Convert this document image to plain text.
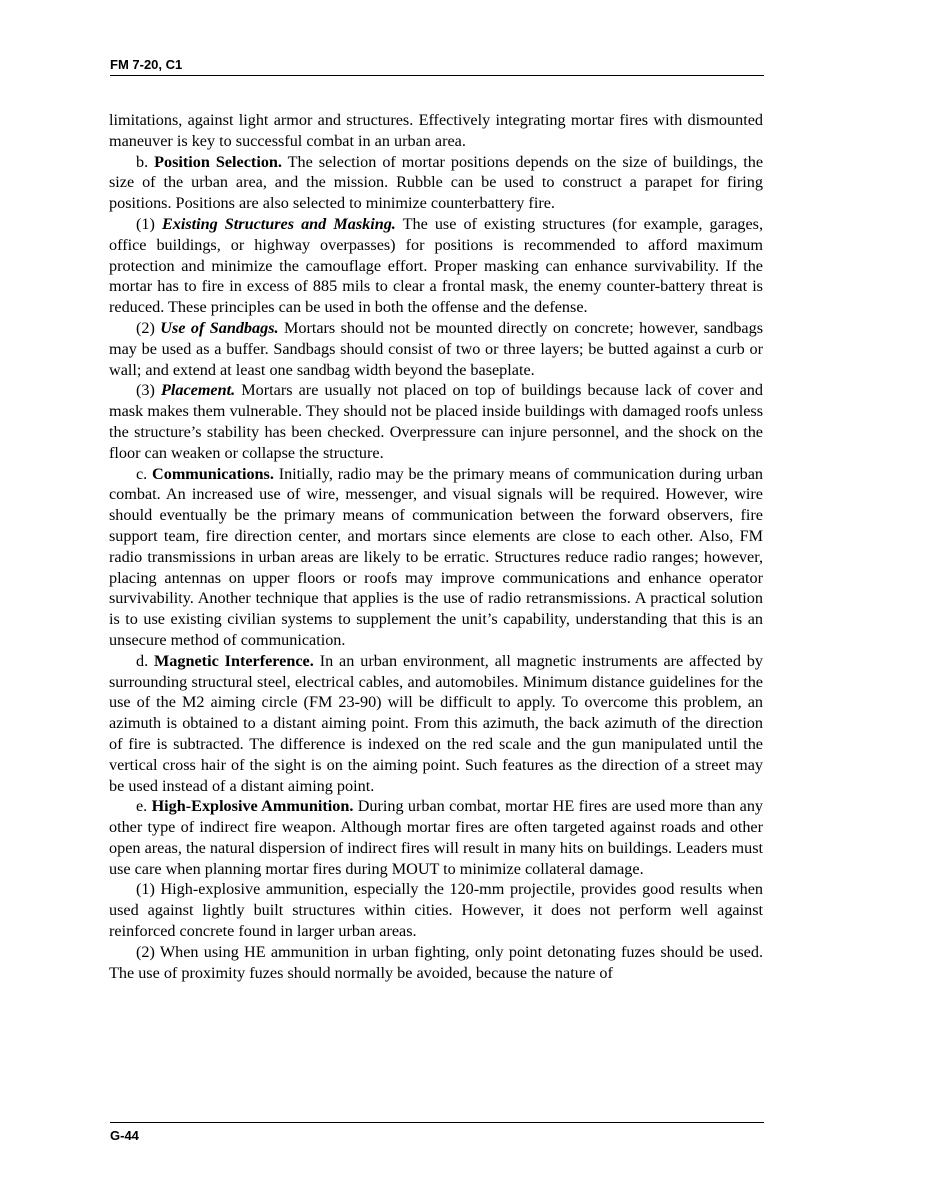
FM 7-20, C1

limitations, against light armor and structures. Effectively integrating mortar fires with dismounted maneuver is key to successful combat in an urban area.

b. Position Selection. The selection of mortar positions depends on the size of buildings, the size of the urban area, and the mission. Rubble can be used to construct a parapet for firing positions. Positions are also selected to minimize counterbattery fire.

(1) Existing Structures and Masking. The use of existing structures (for example, garages, office buildings, or highway overpasses) for positions is recommended to afford maximum protection and minimize the camouflage effort. Proper masking can enhance survivability. If the mortar has to fire in excess of 885 mils to clear a frontal mask, the enemy counter-battery threat is reduced. These principles can be used in both the offense and the defense.

(2) Use of Sandbags. Mortars should not be mounted directly on concrete; however, sandbags may be used as a buffer. Sandbags should consist of two or three layers; be butted against a curb or wall; and extend at least one sandbag width beyond the baseplate.

(3) Placement. Mortars are usually not placed on top of buildings because lack of cover and mask makes them vulnerable. They should not be placed inside buildings with damaged roofs unless the structure’s stability has been checked. Overpressure can injure personnel, and the shock on the floor can weaken or collapse the structure.

c. Communications. Initially, radio may be the primary means of communication during urban combat. An increased use of wire, messenger, and visual signals will be required. However, wire should eventually be the primary means of communication between the forward observers, fire support team, fire direction center, and mortars since elements are close to each other. Also, FM radio transmissions in urban areas are likely to be erratic. Structures reduce radio ranges; however, placing antennas on upper floors or roofs may improve communications and enhance operator survivability. Another technique that applies is the use of radio retransmissions. A practical solution is to use existing civilian systems to supplement the unit’s capability, understanding that this is an unsecure method of communication.

d. Magnetic Interference. In an urban environment, all magnetic instruments are affected by surrounding structural steel, electrical cables, and automobiles. Minimum distance guidelines for the use of the M2 aiming circle (FM 23-90) will be difficult to apply. To overcome this problem, an azimuth is obtained to a distant aiming point. From this azimuth, the back azimuth of the direction of fire is subtracted. The difference is indexed on the red scale and the gun manipulated until the vertical cross hair of the sight is on the aiming point. Such features as the direction of a street may be used instead of a distant aiming point.

e. High-Explosive Ammunition. During urban combat, mortar HE fires are used more than any other type of indirect fire weapon. Although mortar fires are often targeted against roads and other open areas, the natural dispersion of indirect fires will result in many hits on buildings. Leaders must use care when planning mortar fires during MOUT to minimize collateral damage.

(1) High-explosive ammunition, especially the 120-mm projectile, provides good results when used against lightly built structures within cities. However, it does not perform well against reinforced concrete found in larger urban areas.

(2) When using HE ammunition in urban fighting, only point detonating fuzes should be used. The use of proximity fuzes should normally be avoided, because the nature of

G-44
